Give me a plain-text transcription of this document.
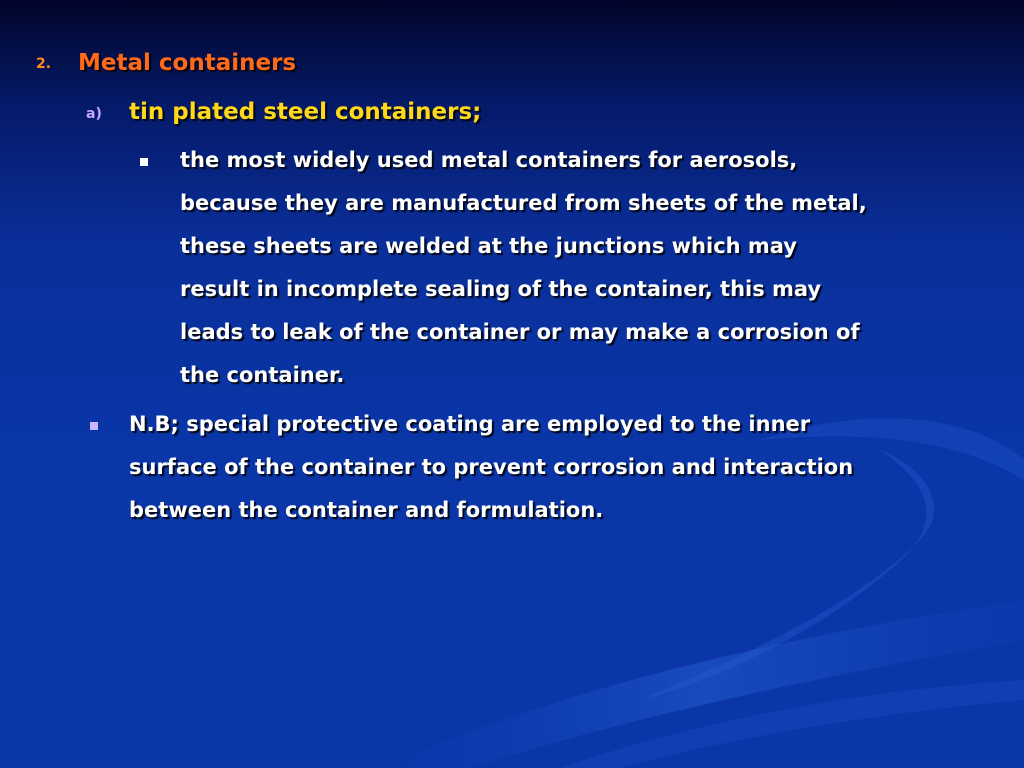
2. Metal containers
a) tin plated steel containers;
the most widely used metal containers for aerosols,
because they are manufactured from sheets of the metal,
these sheets are welded at the junctions which may
result in incomplete sealing of the container, this may
leads to leak of the container or may make a corrosion of
the container.
N.B; special protective coating are employed to the inner
surface of the container to prevent corrosion and interaction
between the container and formulation.
